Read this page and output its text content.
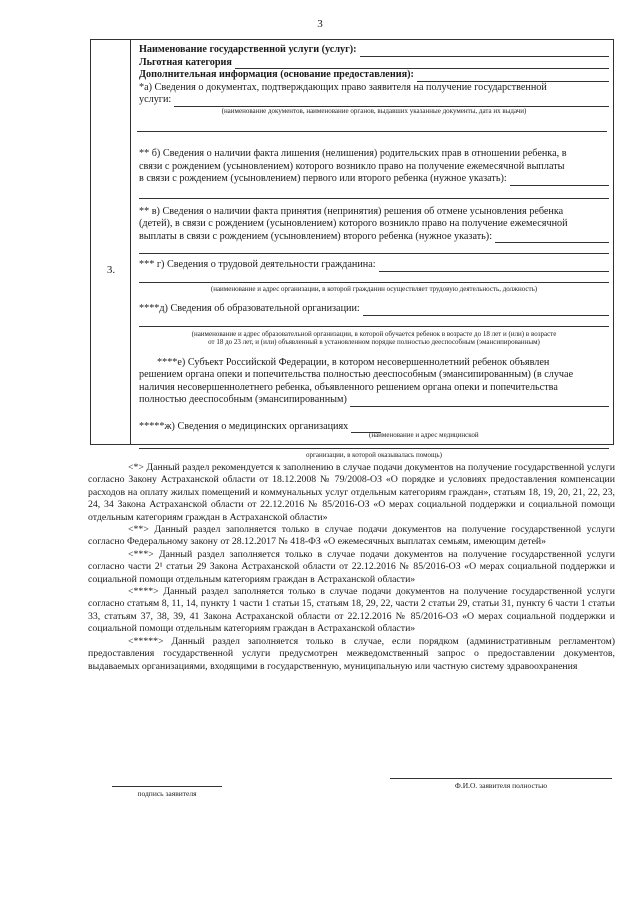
3
3.
Наименование государственной услуги (услуг):
Льготная категория
Дополнительная информация (основание предоставления):
*а) Сведения о документах, подтверждающих право заявителя на получение государственной
услуги:
(наименование документов, наименование органов, выдавших указанные документы, дата их выдачи)
** б) Сведения о наличии факта лишения (нелишения) родительских прав в отношении ребенка, в
связи с рождением (усыновлением) которого возникло право на получение ежемесячной выплаты
в связи с рождением (усыновлением) первого или второго ребенка (нужное указать):
** в) Сведения о наличии факта принятия (непринятия) решения об отмене усыновления ребенка
(детей), в связи с рождением (усыновлением) которого возникло право на получение ежемесячной
выплаты в связи с рождением (усыновлением) второго ребенка (нужное указать):
*** г) Сведения о трудовой деятельности гражданина:
(наименование и адрес организации, в которой гражданин осуществляет трудовую деятельность, должность)
****д) Сведения об образовательной организации:
(наименование и адрес образовательной организации, в которой обучается ребенок в возрасте до 18 лет и (или) в возрасте
от 18 до 23 лет, и (или) объявленный в установленном порядке полностью дееспособным (эмансипированным)
****е) Субъект Российской Федерации, в котором несовершеннолетний ребенок объявлен
решением органа опеки и попечительства полностью дееспособным (эмансипированным) (в случае
наличия несовершеннолетнего ребенка, объявленного решением органа опеки и попечительства
полностью дееспособным (эмансипированным)
*****ж) Сведения о медицинских организациях
(наименование и адрес медицинской
организации, в которой оказывалась помощь)

<*> Данный раздел рекомендуется к заполнению в случае подачи документов на получение государственной услуги согласно Закону Астраханской области от 18.12.2008 № 79/2008-ОЗ «О порядке и условиях предоставления компенсации расходов на оплату жилых помещений и коммунальных услуг отдельным категориям граждан», статьям 18, 19, 20, 21, 22, 23, 24, 34 Закона Астраханской области от 22.12.2016 № 85/2016-ОЗ «О мерах социальной поддержки и социальной помощи отдельным категориям граждан в Астраханской области»

<**> Данный раздел заполняется только в случае подачи документов на получение государственной услуги согласно Федеральному закону от 28.12.2017 № 418-ФЗ «О ежемесячных выплатах семьям, имеющим детей»

<***> Данный раздел заполняется только в случае подачи документов на получение государственной услуги согласно части 2¹ статьи 29 Закона Астраханской области от 22.12.2016 № 85/2016-ОЗ «О мерах социальной поддержки и социальной помощи отдельным категориям граждан в Астраханской области»

<****> Данный раздел заполняется только в случае подачи документов на получение государственной услуги согласно статьям 8, 11, 14, пункту 1 части 1 статьи 15, статьям 18, 29, 22, части 2 статьи 29, статьи 31, пункту 6 части 1 статьи 33, статьям 37, 38, 39, 41 Закона Астраханской области от 22.12.2016 № 85/2016-ОЗ «О мерах социальной поддержки и социальной помощи отдельным категориям граждан в Астраханской области»

<*****> Данный раздел заполняется только в случае, если порядком (административным регламентом) предоставления государственной услуги предусмотрен межведомственный запрос о предоставлении документов, выдаваемых организациями, входящими в государственную, муниципальную или частную систему здравоохранения

подпись заявителя
Ф.И.О. заявителя полностью
